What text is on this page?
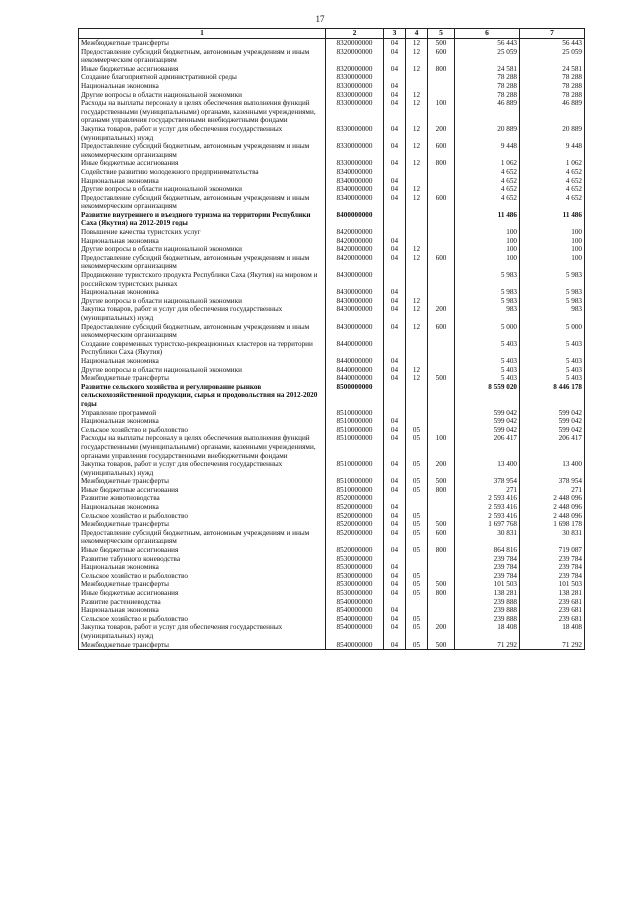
17
1	2	3	4	5	6	7
Межбюджетные трансферты	8320000000	04	12	500	56 443	56 443
Предоставление субсидий бюджетным, автономным учреждениям и иным некоммерческим организациям	8320000000	04	12	600	25 059	25 059
Иные бюджетные ассигнования	8320000000	04	12	800	24 581	24 581
Создание благоприятной административной среды	8330000000				78 288	78 288
Национальная экономика	8330000000	04			78 288	78 288
Другие вопросы в области национальной экономики	8330000000	04	12		78 288	78 288
Расходы на выплаты персоналу в целях обеспечения выполнения функций государственными (муниципальными) органами, казенными учреждениями, органами управления государственными внебюджетными фондами	8330000000	04	12	100	46 889	46 889
Закупка товаров, работ и услуг для обеспечения государственных (муниципальных) нужд	8330000000	04	12	200	20 889	20 889
Предоставление субсидий бюджетным, автономным учреждениям и иным некоммерческим организациям	8330000000	04	12	600	9 448	9 448
Иные бюджетные ассигнования	8330000000	04	12	800	1 062	1 062
Содействие развитию молодежного предпринимательства	8340000000				4 652	4 652
Национальная экономика	8340000000	04			4 652	4 652
Другие вопросы в области национальной экономики	8340000000	04	12		4 652	4 652
Предоставление субсидий бюджетным, автономным учреждениям и иным некоммерческим организациям	8340000000	04	12	600	4 652	4 652
Развитие внутреннего и въездного туризма на территории Республики Саха (Якутия) на 2012-2019 годы	8400000000				11 486	11 486
Повышение качества туристских услуг	8420000000				100	100
Национальная экономика	8420000000	04			100	100
Другие вопросы в области национальной экономики	8420000000	04	12		100	100
Предоставление субсидий бюджетным, автономным учреждениям и иным некоммерческим организациям	8420000000	04	12	600	100	100
Продвижение туристского продукта Республики Саха (Якутия) на мировом и российском туристских рынках	8430000000				5 983	5 983
Национальная экономика	8430000000	04			5 983	5 983
Другие вопросы в области национальной экономики	8430000000	04	12		5 983	5 983
Закупка товаров, работ и услуг для обеспечения государственных (муниципальных) нужд	8430000000	04	12	200	983	983
Предоставление субсидий бюджетным, автономным учреждениям и иным некоммерческим организациям	8430000000	04	12	600	5 000	5 000
Создание современных туристско-рекреационных кластеров на территории Республики Саха (Якутия)	8440000000				5 403	5 403
Национальная экономика	8440000000	04			5 403	5 403
Другие вопросы в области национальной экономики	8440000000	04	12		5 403	5 403
Межбюджетные трансферты	8440000000	04	12	500	5 403	5 403
Развитие сельского хозяйства и регулирование рынков сельскохозяйственной продукции, сырья и продовольствия на 2012-2020 годы	8500000000				8 559 020	8 446 178
Управление программой	8510000000				599 042	599 042
Национальная экономика	8510000000	04			599 042	599 042
Сельское хозяйство и рыболовство	8510000000	04	05		599 042	599 042
Расходы на выплаты персоналу в целях обеспечения выполнения функций государственными (муниципальными) органами, казенными учреждениями, органами управления государственными внебюджетными фондами	8510000000	04	05	100	206 417	206 417
Закупка товаров, работ и услуг для обеспечения государственных (муниципальных) нужд	8510000000	04	05	200	13 400	13 400
Межбюджетные трансферты	8510000000	04	05	500	378 954	378 954
Иные бюджетные ассигнования	8510000000	04	05	800	271	271
Развитие животноводства	8520000000				2 593 416	2 448 096
Национальная экономика	8520000000	04			2 593 416	2 448 096
Сельское хозяйство и рыболовство	8520000000	04	05		2 593 416	2 448 096
Межбюджетные трансферты	8520000000	04	05	500	1 697 768	1 698 178
Предоставление субсидий бюджетным, автономным учреждениям и иным некоммерческим организациям	8520000000	04	05	600	30 831	30 831
Иные бюджетные ассигнования	8520000000	04	05	800	864 816	719 087
Развитие табунного коневодства	8530000000				239 784	239 784
Национальная экономика	8530000000	04			239 784	239 784
Сельское хозяйство и рыболовство	8530000000	04	05		239 784	239 784
Межбюджетные трансферты	8530000000	04	05	500	101 503	101 503
Иные бюджетные ассигнования	8530000000	04	05	800	138 281	138 281
Развитие растениеводства	8540000000				239 888	239 681
Национальная экономика	8540000000	04			239 888	239 681
Сельское хозяйство и рыболовство	8540000000	04	05		239 888	239 681
Закупка товаров, работ и услуг для обеспечения государственных (муниципальных) нужд	8540000000	04	05	200	18 408	18 408
Межбюджетные трансферты	8540000000	04	05	500	71 292	71 292
